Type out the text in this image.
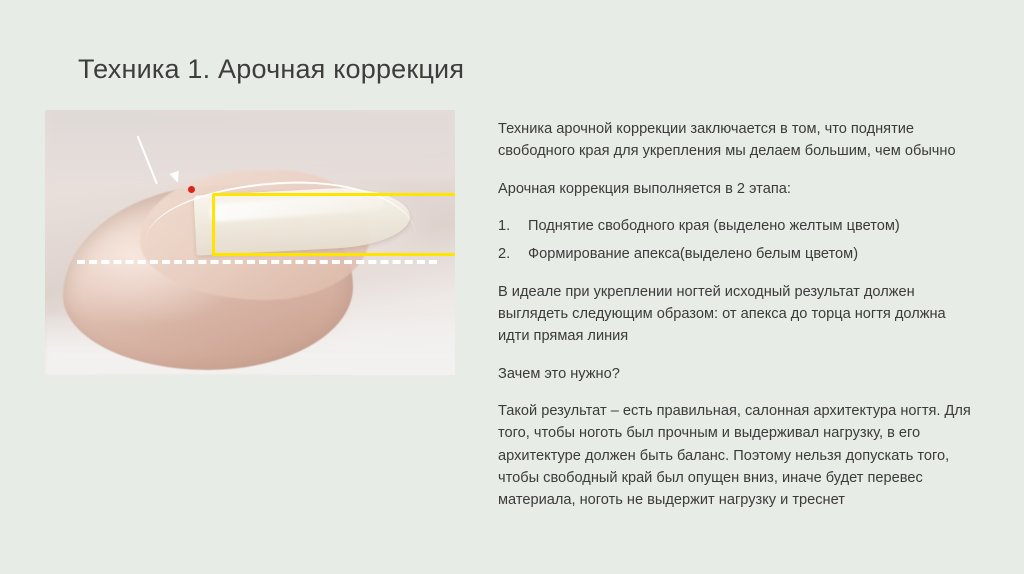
Техника 1. Арочная коррекция

Техника арочной коррекции заключается в том, что поднятие свободного края для укрепления мы делаем большим, чем обычно

Арочная коррекция выполняется в 2 этапа:

1.	Поднятие свободного края (выделено желтым цветом)
2.	Формирование апекса(выделено белым цветом)

В идеале при укреплении ногтей исходный результат должен выглядеть следующим образом: от апекса до торца ногтя должна идти прямая линия

Зачем это нужно?

Такой результат – есть правильная, салонная архитектура ногтя. Для того, чтобы ноготь был прочным и выдерживал нагрузку, в его архитектуре должен быть баланс. Поэтому нельзя допускать того, чтобы свободный край был опущен вниз, иначе будет перевес материала, ноготь не выдержит нагрузку и треснет
